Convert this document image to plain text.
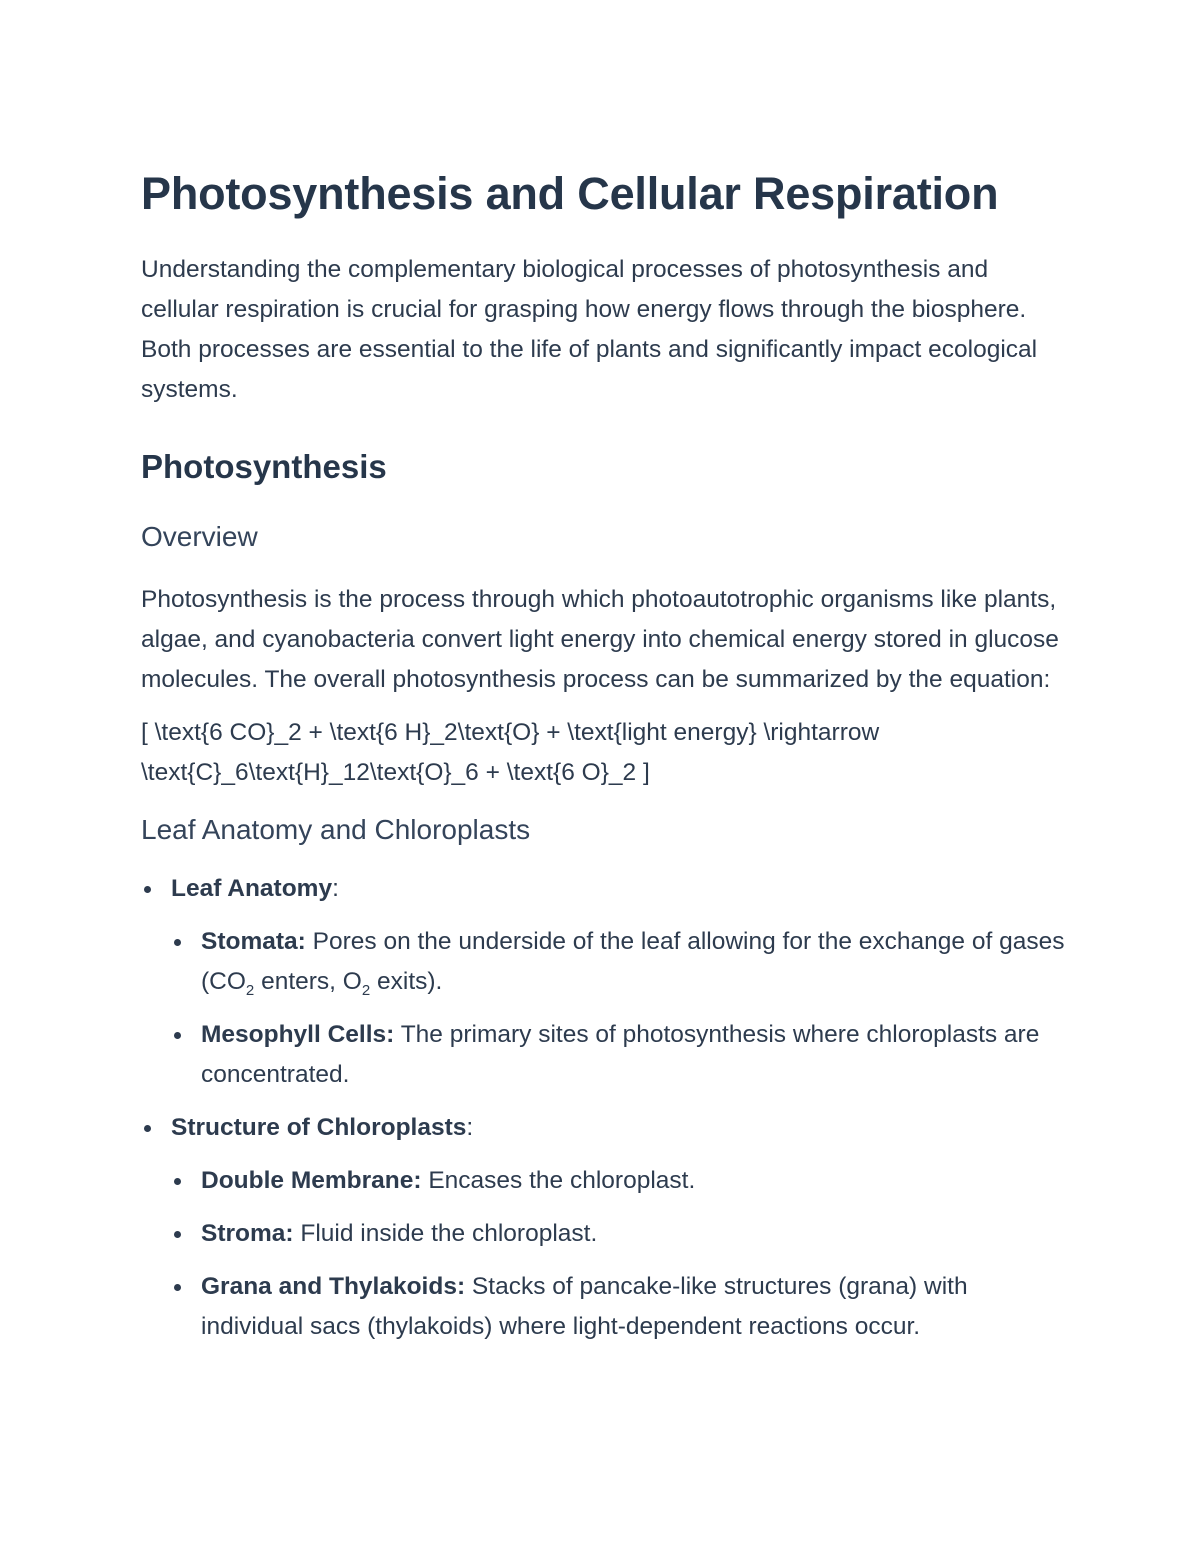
Photosynthesis and Cellular Respiration

Understanding the complementary biological processes of photosynthesis and cellular respiration is crucial for grasping how energy flows through the biosphere. Both processes are essential to the life of plants and significantly impact ecological systems.

Photosynthesis
Overview

Photosynthesis is the process through which photoautotrophic organisms like plants, algae, and cyanobacteria convert light energy into chemical energy stored in glucose molecules. The overall photosynthesis process can be summarized by the equation:

[ \text{6 CO}_2 + \text{6 H}_2\text{O} + \text{light energy} \rightarrow \text{C}_6\text{H}_12\text{O}_6 + \text{6 O}_2 ]

Leaf Anatomy and Chloroplasts
Leaf Anatomy:
Stomata: Pores on the underside of the leaf allowing for the exchange of gases ($CO_2$ enters, $O_2$ exits).
Mesophyll Cells: The primary sites of photosynthesis where chloroplasts are concentrated.
Structure of Chloroplasts:
Double Membrane: Encases the chloroplast.
Stroma: Fluid inside the chloroplast.
Grana and Thylakoids: Stacks of pancake-like structures (grana) with individual sacs (thylakoids) where light-dependent reactions occur.
